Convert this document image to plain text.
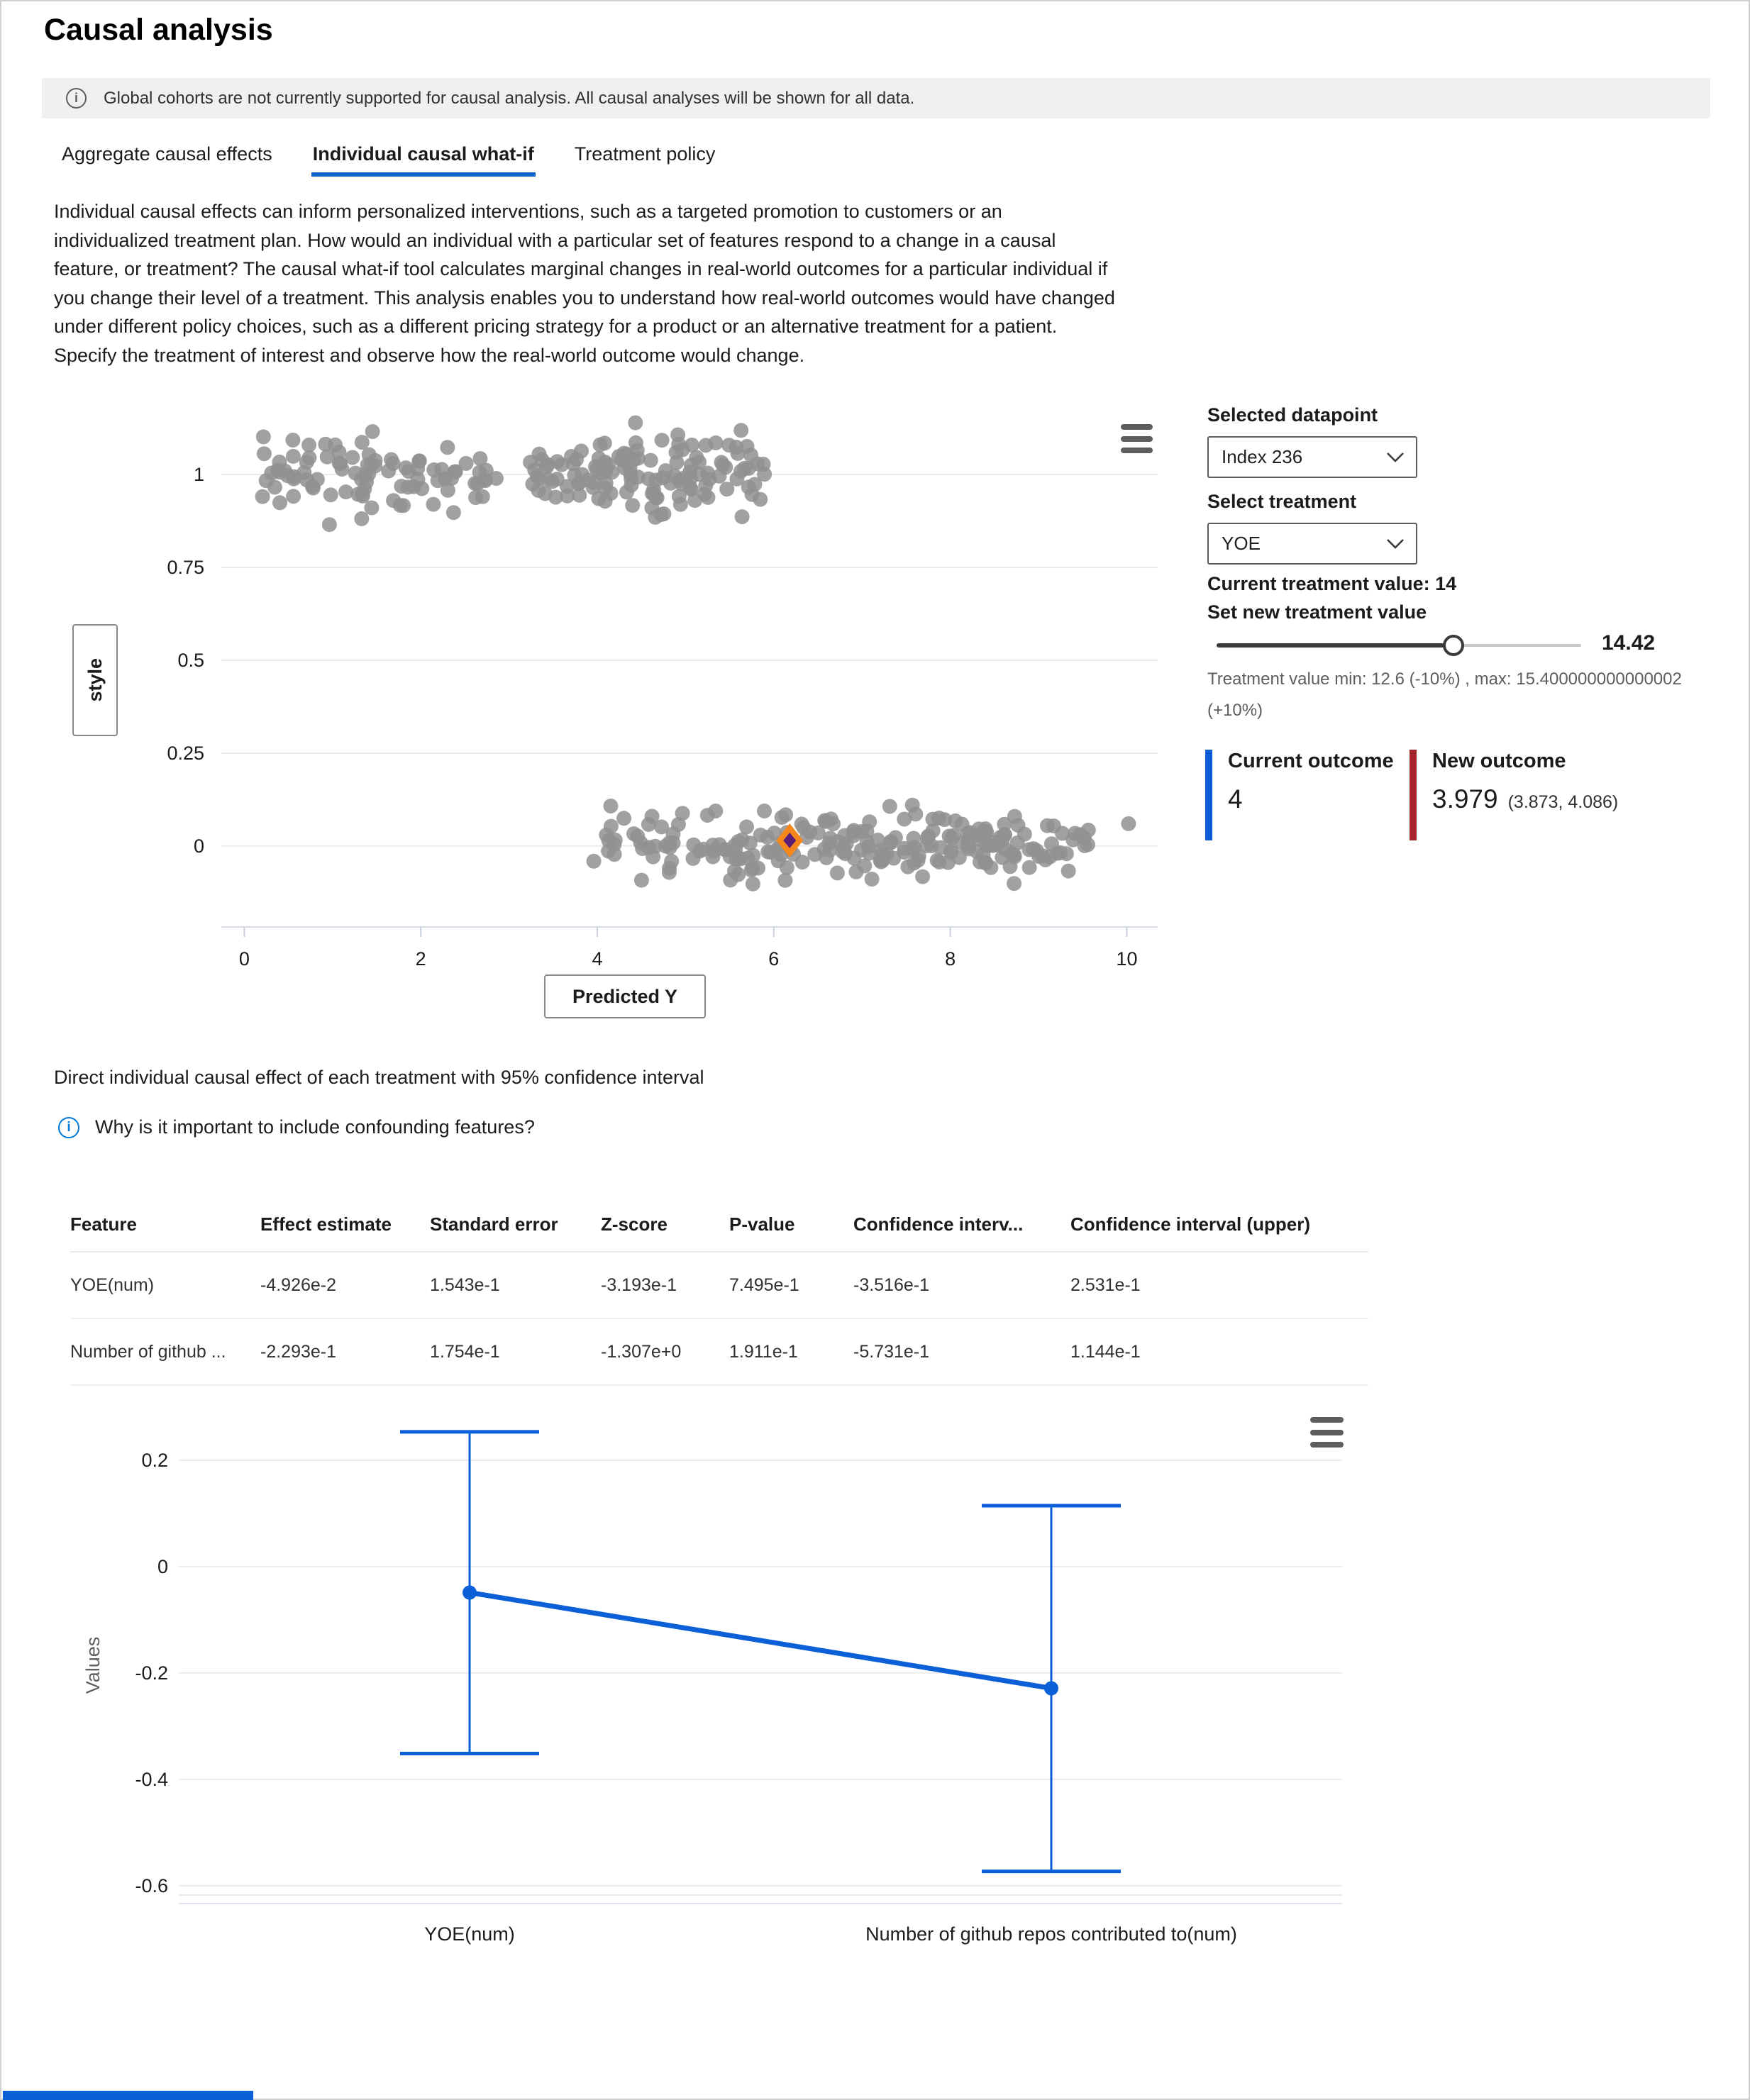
Causal analysis
i	Global cohorts are not currently supported for causal analysis. All causal analyses will be shown for all data.
Aggregate causal effects Individual causal what-if Treatment policy

Individual causal effects can inform personalized interventions, such as a targeted promotion to customers or an individualized treatment plan. How would an individual with a particular set of features respond to a change in a causal feature, or treatment? The causal what-if tool calculates marginal changes in real-world outcomes for a particular individual if you change their level of a treatment. This analysis enables you to understand how real-world outcomes would have changed under different policy choices, such as a different pricing strategy for a product or an alternative treatment for a patient. Specify the treatment of interest and observe how the real-world outcome would change.

0
0.25
0.5
0.75
1
0	2	4	6	8	10
style
Predicted Y
Selected datapoint
Index 236
Select treatment
YOE
Current treatment value: 14
Set new treatment value
14.42
Treatment value min: 12.6 (-10%) , max: 15.400000000000002 (+10%)
Current outcome
4
New outcome
3.979 (3.873, 4.086)
Direct individual causal effect of each treatment with 95% confidence interval
i	Why is it important to include confounding features?
Feature	Effect estimate	Standard error	Z-score	P-value	Confidence interv...	Confidence interval (upper)
YOE(num)	-4.926e-2	1.543e-1	-3.193e-1	7.495e-1	-3.516e-1	2.531e-1
Number of github ...	-2.293e-1	1.754e-1	-1.307e+0	1.911e-1	-5.731e-1	1.144e-1
0.2
0
-0.2
-0.4
-0.6
Values
YOE(num)	Number of github repos contributed to(num)
